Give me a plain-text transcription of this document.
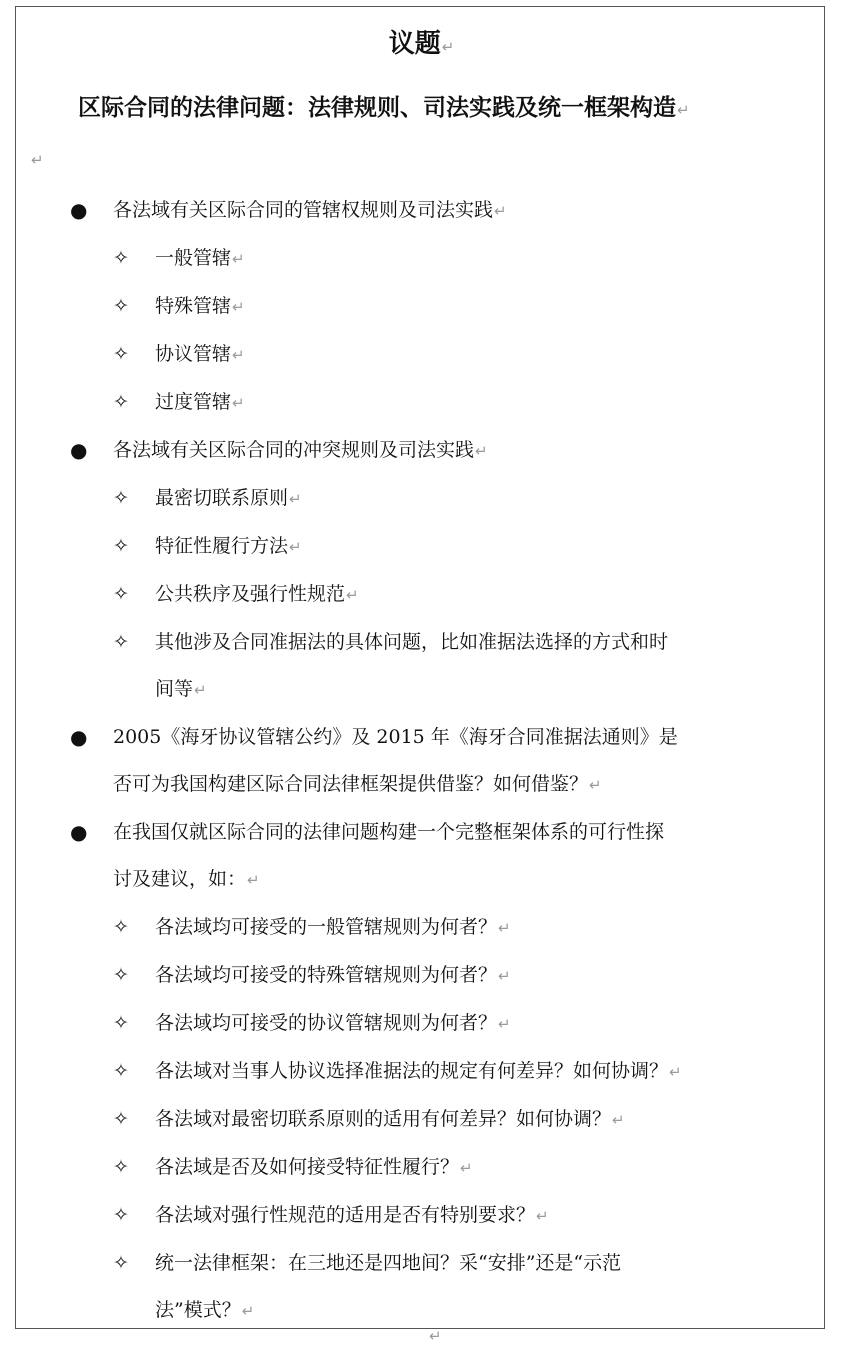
议题↵
区际合同的法律问题：法律规则、司法实践及统一框架构造↵
↵
● 各法域有关区际合同的管辖权规则及司法实践↵
✧ 一般管辖↵
✧ 特殊管辖↵
✧ 协议管辖↵
✧ 过度管辖↵
● 各法域有关区际合同的冲突规则及司法实践↵
✧ 最密切联系原则↵
✧ 特征性履行方法↵
✧ 公共秩序及强行性规范↵
✧ 其他涉及合同准据法的具体问题，比如准据法选择的方式和时
间等↵
● 2005《海牙协议管辖公约》及 2015 年《海牙合同准据法通则》是
否可为我国构建区际合同法律框架提供借鉴？如何借鉴？↵
● 在我国仅就区际合同的法律问题构建一个完整框架体系的可行性探
讨及建议，如：↵
✧ 各法域均可接受的一般管辖规则为何者？↵
✧ 各法域均可接受的特殊管辖规则为何者？↵
✧ 各法域均可接受的协议管辖规则为何者？↵
✧ 各法域对当事人协议选择准据法的规定有何差异？如何协调？↵
✧ 各法域对最密切联系原则的适用有何差异？如何协调？↵
✧ 各法域是否及如何接受特征性履行？↵
✧ 各法域对强行性规范的适用是否有特别要求？↵
✧ 统一法律框架：在三地还是四地间？采“安排”还是“示范
法”模式？↵
↵
